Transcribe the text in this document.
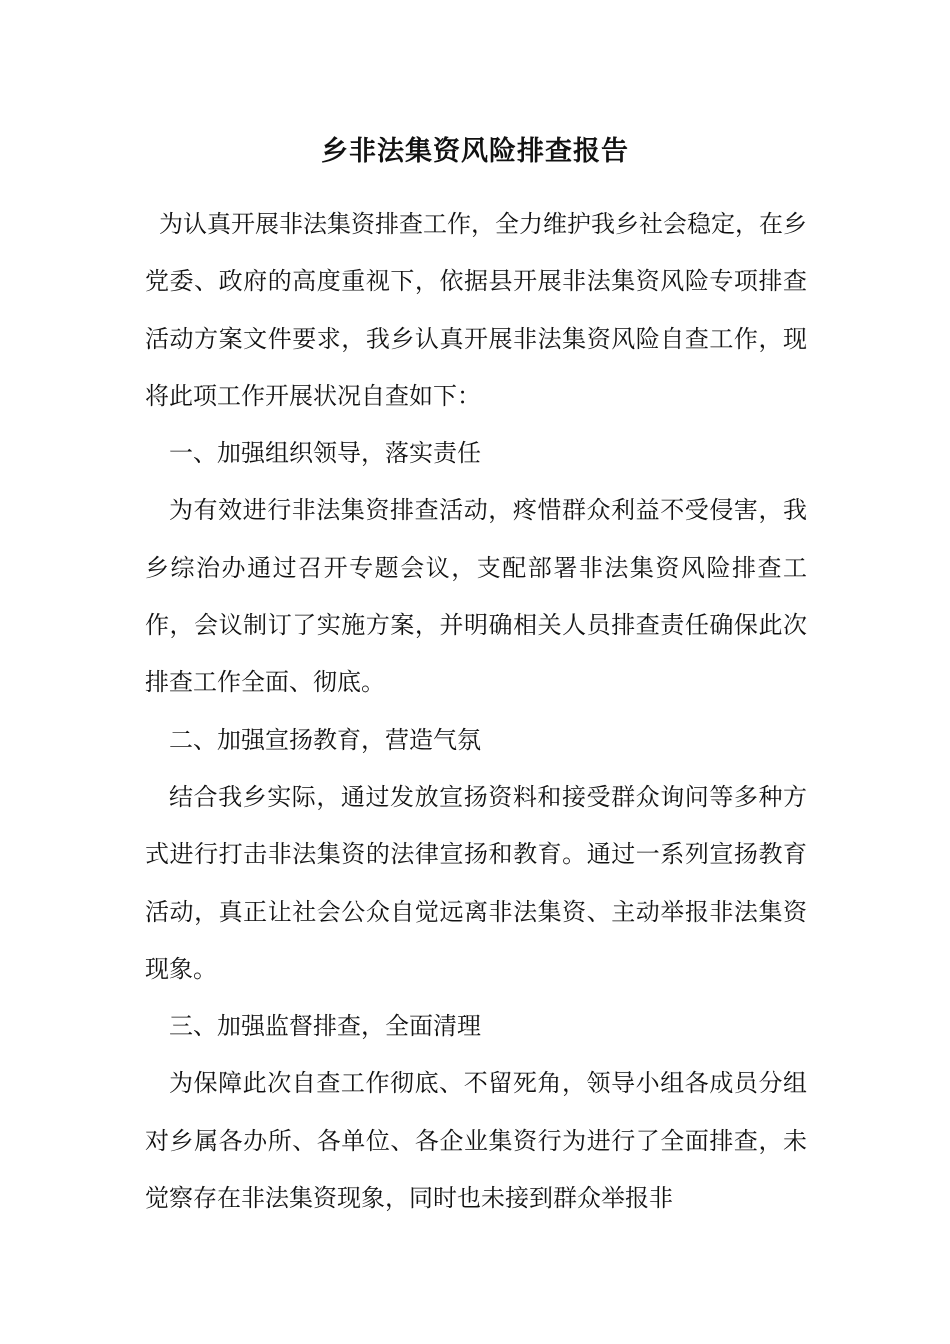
乡非法集资风险排查报告

为认真开展非法集资排查工作，全力维护我乡社会稳定，在乡党委、政府的高度重视下，依据县开展非法集资风险专项排查活动方案文件要求，我乡认真开展非法集资风险自查工作，现将此项工作开展状况自查如下：

一、加强组织领导，落实责任

为有效进行非法集资排查活动，疼惜群众利益不受侵害，我乡综治办通过召开专题会议，支配部署非法集资风险排查工作，会议制订了实施方案，并明确相关人员排查责任确保此次排查工作全面、彻底。

二、加强宣扬教育，营造气氛

结合我乡实际，通过发放宣扬资料和接受群众询问等多种方式进行打击非法集资的法律宣扬和教育。通过一系列宣扬教育活动，真正让社会公众自觉远离非法集资、主动举报非法集资现象。

三、加强监督排查，全面清理

为保障此次自查工作彻底、不留死角，领导小组各成员分组对乡属各办所、各单位、各企业集资行为进行了全面排查，未觉察存在非法集资现象，同时也未接到群众举报非
